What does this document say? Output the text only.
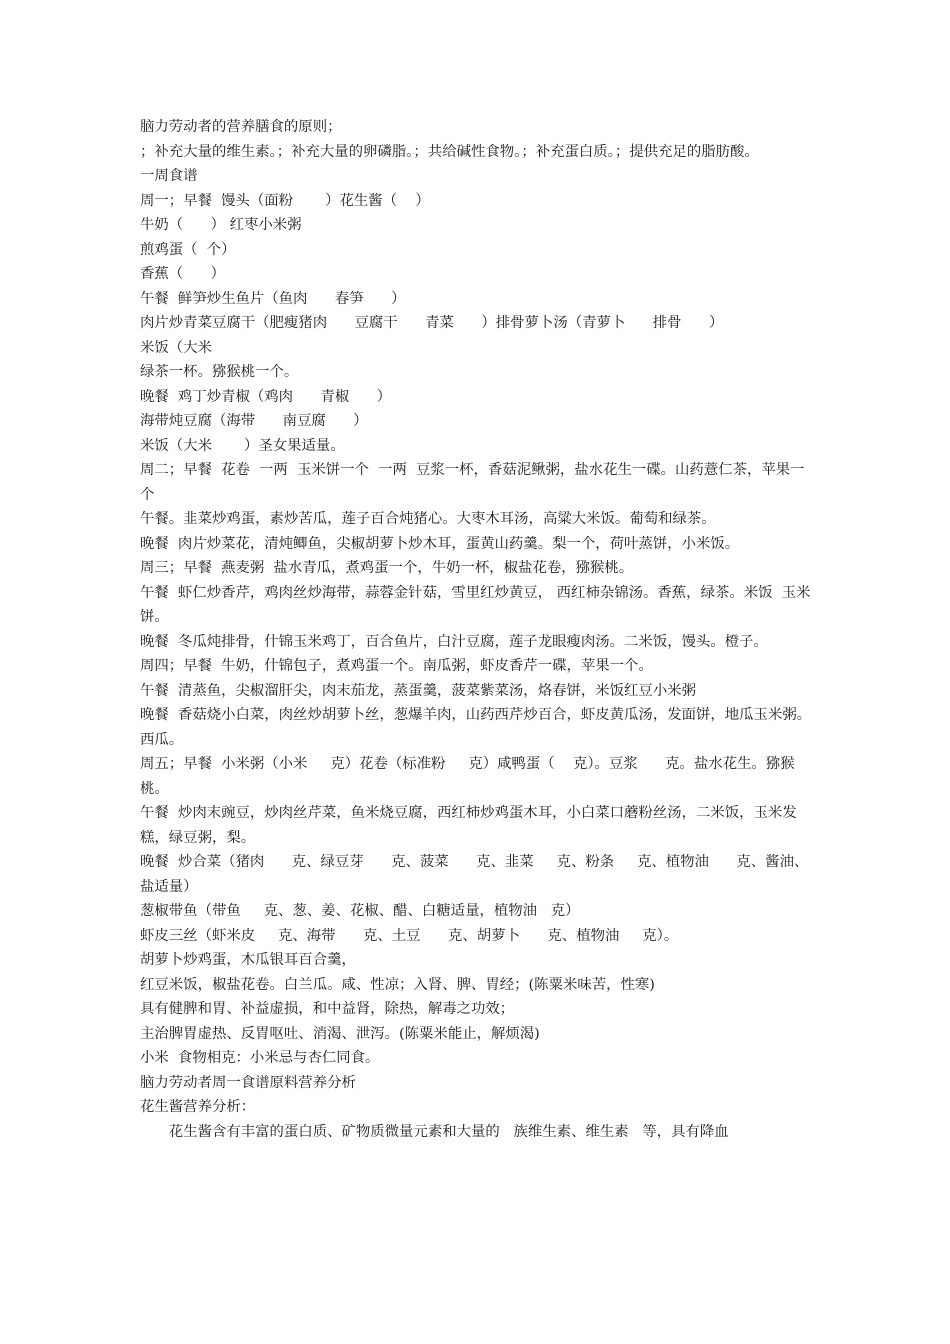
脑力劳动者的营养膳食的原则；

；补充大量的维生素。；补充大量的卵磷脂。；共给碱性食物。；补充蛋白质。；提供充足的脂肪酸。

一周食谱

周一；早餐  馒头（面粉       ）花生酱（    ）

牛奶（      ） 红枣小米粥

煎鸡蛋（  个）

香蕉（      ）

午餐  鲜笋炒生鱼片（鱼肉      春笋      ）

肉片炒青菜豆腐干（肥瘦猪肉      豆腐干      青菜      ）排骨萝卜汤（青萝卜      排骨      ）

米饭（大米

绿茶一杯。猕猴桃一个。

晚餐  鸡丁炒青椒（鸡肉      青椒      ）

海带炖豆腐（海带      南豆腐      ）

米饭（大米       ）圣女果适量。

周二；早餐  花卷  一两  玉米饼一个  一两  豆浆一杯，香菇泥鳅粥，盐水花生一碟。山药薏仁茶，苹果一个

午餐。韭菜炒鸡蛋，素炒苦瓜，莲子百合炖猪心。大枣木耳汤，高粱大米饭。葡萄和绿茶。

晚餐  肉片炒菜花，清炖鲫鱼，尖椒胡萝卜炒木耳，蛋黄山药羹。梨一个，荷叶蒸饼，小米饭。

周三；早餐  燕麦粥  盐水青瓜，煮鸡蛋一个，牛奶一杯，椒盐花卷，猕猴桃。

午餐  虾仁炒香芹，鸡肉丝炒海带，蒜蓉金针菇，雪里红炒黄豆， 西红柿杂锦汤。香蕉，绿茶。米饭  玉米饼。

晚餐  冬瓜炖排骨，什锦玉米鸡丁，百合鱼片，白汁豆腐，莲子龙眼瘦肉汤。二米饭，馒头。橙子。

周四；早餐  牛奶，什锦包子，煮鸡蛋一个。南瓜粥，虾皮香芹一碟，苹果一个。

午餐  清蒸鱼，尖椒溜肝尖，肉末茄龙，蒸蛋羹，菠菜紫菜汤，烙春饼，米饭红豆小米粥

晚餐  香菇烧小白菜，肉丝炒胡萝卜丝，葱爆羊肉，山药西芹炒百合，虾皮黄瓜汤，发面饼，地瓜玉米粥。西瓜。

周五；早餐  小米粥（小米     克）花卷（标准粉     克）咸鸭蛋（    克）。豆浆      克。盐水花生。猕猴桃。

午餐  炒肉末豌豆，炒肉丝芹菜，鱼米烧豆腐，西红柿炒鸡蛋木耳，小白菜口蘑粉丝汤，二米饭，玉米发糕，绿豆粥，梨。

晚餐  炒合菜（猪肉      克、绿豆芽      克、菠菜      克、韭菜     克、粉条     克、植物油      克、酱油、盐适量）

葱椒带鱼（带鱼     克、葱、姜、花椒、醋、白糖适量，植物油   克）

虾皮三丝（虾米皮     克、海带      克、土豆      克、胡萝卜      克、植物油     克）。

胡萝卜炒鸡蛋，木瓜银耳百合羹，

红豆米饭，椒盐花卷。白兰瓜。咸、性凉；入肾、脾、胃经；(陈粟米味苦，性寒)

具有健脾和胃、补益虚损，和中益肾，除热，解毒之功效；

主治脾胃虚热、反胃呕吐、消渴、泄泻。(陈粟米能止，解烦渴)

小米  食物相克：小米忌与杏仁同食。

脑力劳动者周一食谱原料营养分析

花生酱营养分析：

花生酱含有丰富的蛋白质、矿物质微量元素和大量的   族维生素、维生素   等，具有降血
